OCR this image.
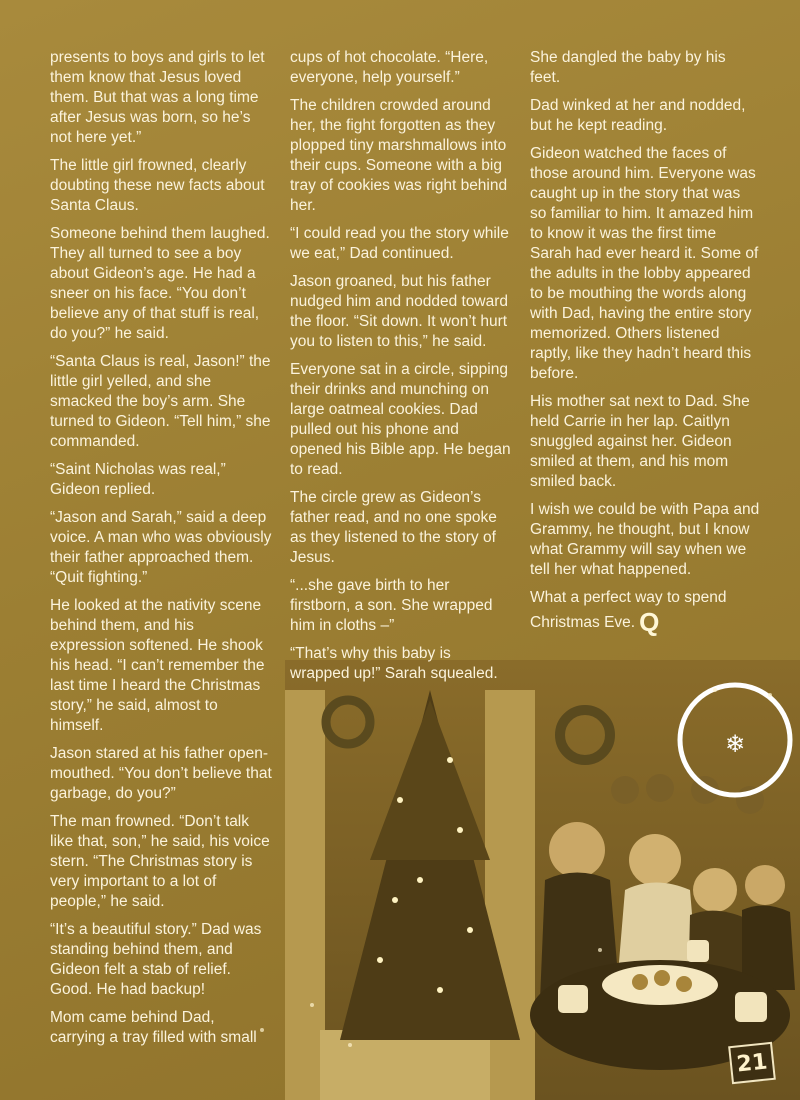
❄

presents to boys and girls to let them know that Jesus loved them. But that was a long time after Jesus was born, so he’s not here yet.”

The little girl frowned, clearly doubting these new facts about Santa Claus.

Someone behind them laughed. They all turned to see a boy about Gideon’s age. He had a sneer on his face. “You don’t believe any of that stuff is real, do you?” he said.

“Santa Claus is real, Jason!” the little girl yelled, and she smacked the boy’s arm. She turned to Gideon. “Tell him,” she commanded.

“Saint Nicholas was real,” Gideon replied.

“Jason and Sarah,” said a deep voice. A man who was obviously their father approached them. “Quit fighting.”

He looked at the nativity scene behind them, and his expression softened. He shook his head. “I can’t remember the last time I heard the Christmas story,” he said, almost to himself.

Jason stared at his father open-mouthed. “You don’t believe that garbage, do you?”

The man frowned. “Don’t talk like that, son,” he said, his voice stern. “The Christmas story is very important to a lot of people,” he said.

“It’s a beautiful story.” Dad was standing behind them, and Gideon felt a stab of relief. Good. He had backup!

Mom came behind Dad, carrying a tray filled with small

cups of hot chocolate. “Here, everyone, help yourself.”

The children crowded around her, the fight forgotten as they plopped tiny marshmallows into their cups. Someone with a big tray of cookies was right behind her.

“I could read you the story while we eat,” Dad continued.

Jason groaned, but his father nudged him and nodded toward the floor. “Sit down. It won’t hurt you to listen to this,” he said.

Everyone sat in a circle, sipping their drinks and munching on large oatmeal cookies. Dad pulled out his phone and opened his Bible app. He began to read.

The circle grew as Gideon’s father read, and no one spoke as they listened to the story of Jesus.

“...she gave birth to her firstborn, a son. She wrapped him in cloths –”

“That’s why this baby is wrapped up!” Sarah squealed.

She dangled the baby by his feet.

Dad winked at her and nodded, but he kept reading.

Gideon watched the faces of those around him. Everyone was caught up in the story that was so familiar to him. It amazed him to know it was the first time Sarah had ever heard it. Some of the adults in the lobby appeared to be mouthing the words along with Dad, having the entire story memorized. Others listened raptly, like they hadn’t heard this before.

His mother sat next to Dad. She held Carrie in her lap. Caitlyn snuggled against her. Gideon smiled at them, and his mom smiled back.

I wish we could be with Papa and Grammy, he thought, but I know what Grammy will say when we tell her what happened.

What a perfect way to spend Christmas Eve. Q

21
